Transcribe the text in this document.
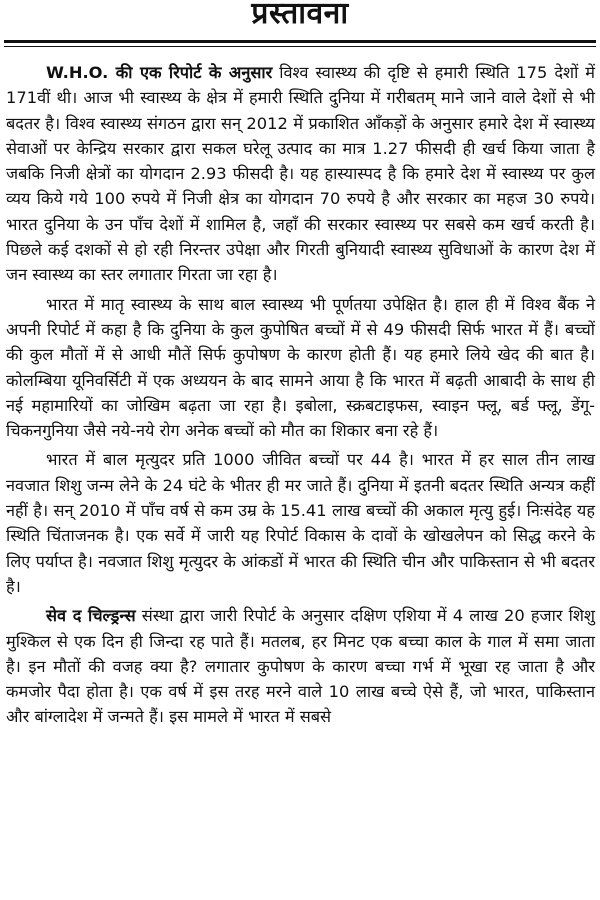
प्रस्तावना

W.H.O. की एक रिपोर्ट के अनुसार विश्व स्वास्थ्य की दृष्टि से हमारी स्थिति 175 देशों में 171वीं थी। आज भी स्वास्थ्य के क्षेत्र में हमारी स्थिति दुनिया में गरीबतम् माने जाने वाले देशों से भी बदतर है। विश्व स्वास्थ्य संगठन द्वारा सन् 2012 में प्रकाशित आँकड़ों के अनुसार हमारे देश में स्वास्थ्य सेवाओं पर केन्द्रिय सरकार द्वारा सकल घरेलू उत्पाद का मात्र 1.27 फीसदी ही खर्च किया जाता है जबकि निजी क्षेत्रों का योगदान 2.93 फीसदी है। यह हास्यास्पद है कि हमारे देश में स्वास्थ्य पर कुल व्यय किये गये 100 रुपये में निजी क्षेत्र का योगदान 70 रुपये है और सरकार का महज 30 रुपये। भारत दुनिया के उन पाँच देशों में शामिल है, जहाँ की सरकार स्वास्थ्य पर सबसे कम खर्च करती है। पिछले कई दशकों से हो रही निरन्तर उपेक्षा और गिरती बुनियादी स्वास्थ्य सुविधाओं के कारण देश में जन स्वास्थ्य का स्तर लगातार गिरता जा रहा है।

भारत में मातृ स्वास्थ्य के साथ बाल स्वास्थ्य भी पूर्णतया उपेक्षित है। हाल ही में विश्व बैंक ने अपनी रिपोर्ट में कहा है कि दुनिया के कुल कुपोषित बच्चों में से 49 फीसदी सिर्फ भारत में हैं। बच्चों की कुल मौतों में से आधी मौतें सिर्फ कुपोषण के कारण होती हैं। यह हमारे लिये खेद की बात है। कोलम्बिया यूनिवर्सिटी में एक अध्ययन के बाद सामने आया है कि भारत में बढ़ती आबादी के साथ ही नई महामारियों का जोखिम बढ़ता जा रहा है। इबोला, स्क्रबटाइफस, स्वाइन फ्लू, बर्ड फ्लू, डेंगू-चिकनगुनिया जैसे नये-नये रोग अनेक बच्चों को मौत का शिकार बना रहे हैं।

भारत में बाल मृत्युदर प्रति 1000 जीवित बच्चों पर 44 है। भारत में हर साल तीन लाख नवजात शिशु जन्म लेने के 24 घंटे के भीतर ही मर जाते हैं। दुनिया में इतनी बदतर स्थिति अन्यत्र कहीं नहीं है। सन् 2010 में पाँच वर्ष से कम उम्र के 15.41 लाख बच्चों की अकाल मृत्यु हुई। निःसंदेह यह स्थिति चिंताजनक है। एक सर्वे में जारी यह रिपोर्ट विकास के दावों के खोखलेपन को सिद्ध करने के लिए पर्याप्त है। नवजात शिशु मृत्युदर के आंकडों में भारत की स्थिति चीन और पाकिस्तान से भी बदतर है।

सेव द चिल्ड्रन्स संस्था द्वारा जारी रिपोर्ट के अनुसार दक्षिण एशिया में 4 लाख 20 हजार शिशु मुश्किल से एक दिन ही जिन्दा रह पाते हैं। मतलब, हर मिनट एक बच्चा काल के गाल में समा जाता है। इन मौतों की वजह क्या है? लगातार कुपोषण के कारण बच्चा गर्भ में भूखा रह जाता है और कमजोर पैदा होता है। एक वर्ष में इस तरह मरने वाले 10 लाख बच्चे ऐसे हैं, जो भारत, पाकिस्तान और बांग्लादेश में जन्मते हैं। इस मामले में भारत में सबसे
